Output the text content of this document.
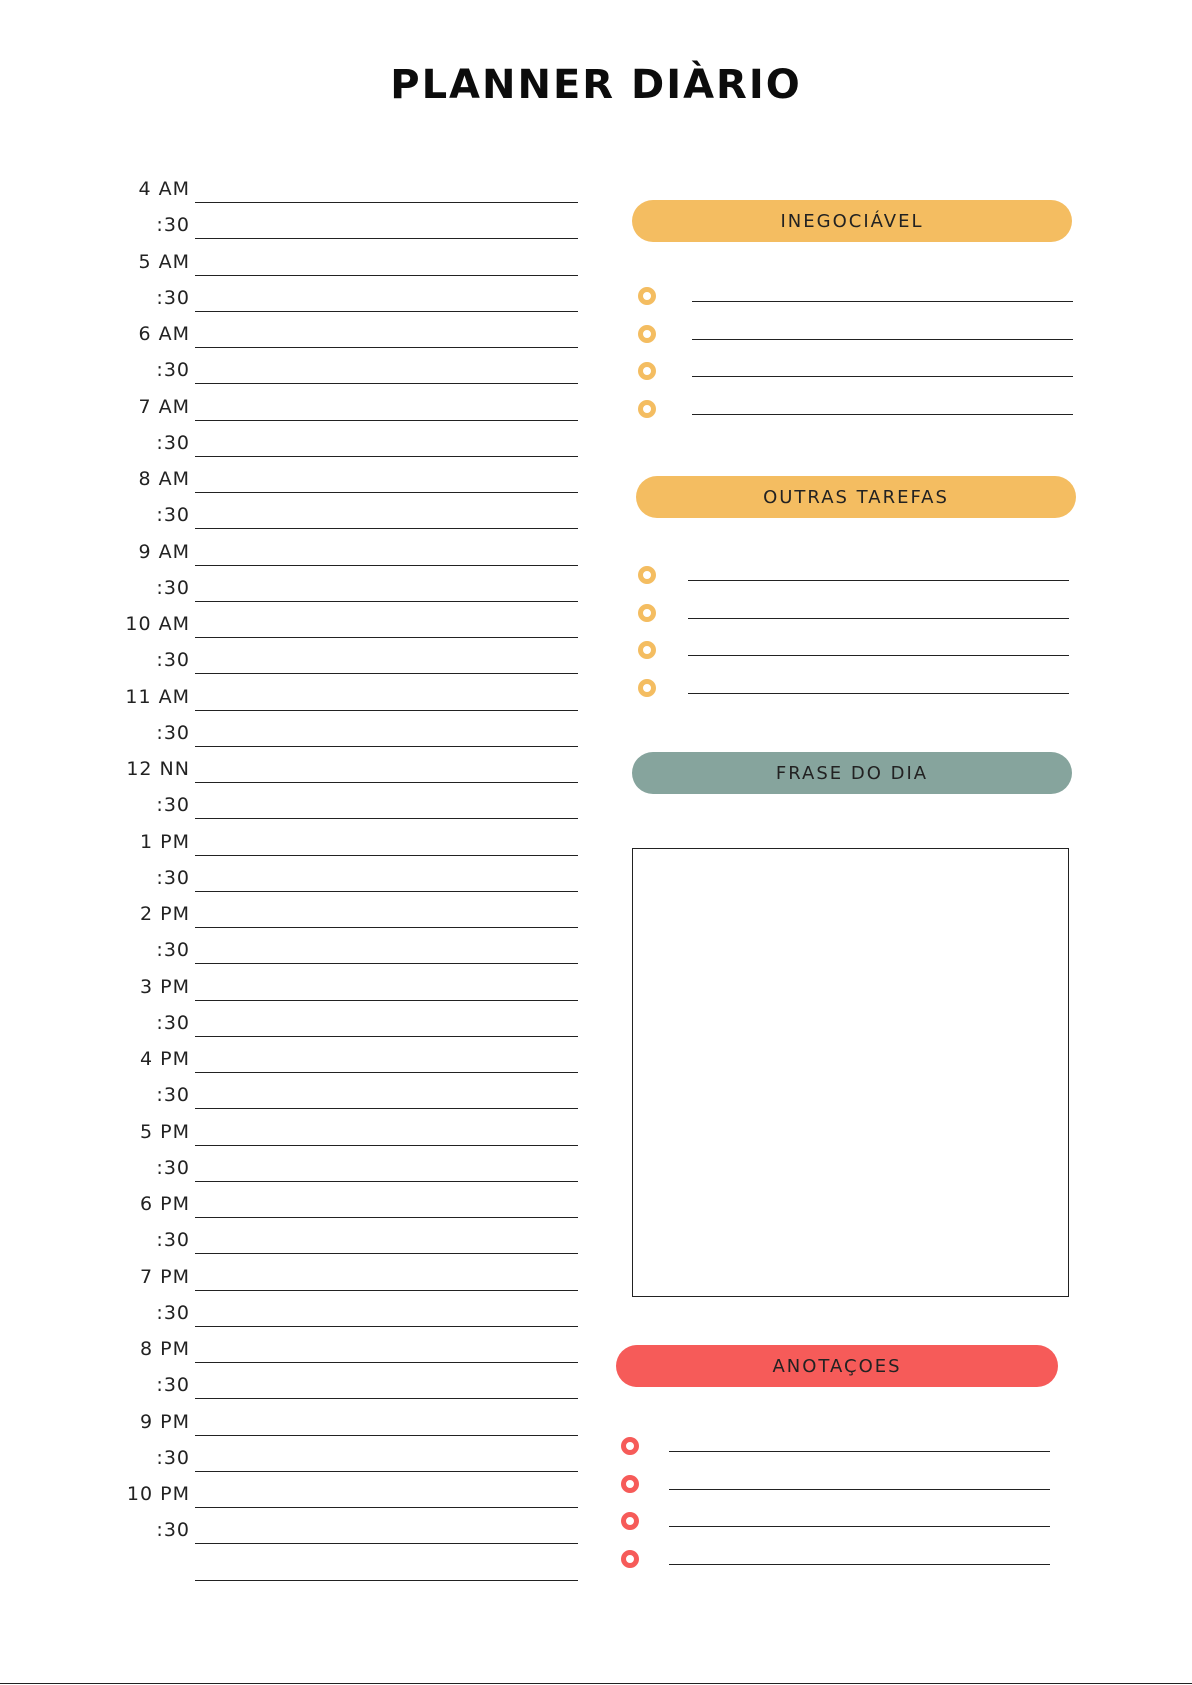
PLANNER DIÀRIO
4 AM
:30
5 AM
:30
6 AM
:30
7 AM
:30
8 AM
:30
9 AM
:30
10 AM
:30
11 AM
:30
12 NN
:30
1 PM
:30
2 PM
:30
3 PM
:30
4 PM
:30
5 PM
:30
6 PM
:30
7 PM
:30
8 PM
:30
9 PM
:30
10 PM
:30
INEGOCIÁVEL
OUTRAS TAREFAS
FRASE DO DIA
ANOTAÇOES
